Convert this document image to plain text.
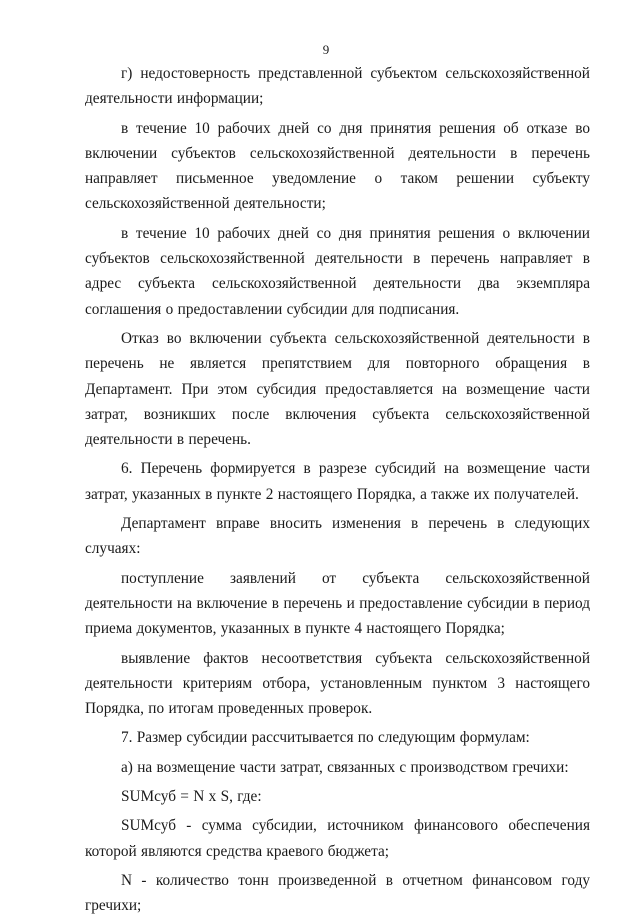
9

г) недостоверность представленной субъектом сельскохозяйственной деятельности информации;

в течение 10 рабочих дней со дня принятия решения об отказе во включении субъектов сельскохозяйственной деятельности в перечень направляет письменное уведомление о таком решении субъекту сельскохозяйственной деятельности;

в течение 10 рабочих дней со дня принятия решения о включении субъектов сельскохозяйственной деятельности в перечень направляет в адрес субъекта сельскохозяйственной деятельности два экземпляра соглашения о предоставлении субсидии для подписания.

Отказ во включении субъекта сельскохозяйственной деятельности в перечень не является препятствием для повторного обращения в Департамент. При этом субсидия предоставляется на возмещение части затрат, возникших после включения субъекта сельскохозяйственной деятельности в перечень.

6. Перечень формируется в разрезе субсидий на возмещение части затрат, указанных в пункте 2 настоящего Порядка, а также их получателей.

Департамент вправе вносить изменения в перечень в следующих случаях:

поступление заявлений от субъекта сельскохозяйственной деятельности на включение в перечень и предоставление субсидии в период приема документов, указанных в пункте 4 настоящего Порядка;

выявление фактов несоответствия субъекта сельскохозяйственной деятельности критериям отбора, установленным пунктом 3 настоящего Порядка, по итогам проведенных проверок.

7. Размер субсидии рассчитывается по следующим формулам:

а) на возмещение части затрат, связанных с производством гречихи:

SUMсуб = N x S, где:

SUMсуб - сумма субсидии, источником финансового обеспечения которой являются средства краевого бюджета;

N - количество тонн произведенной в отчетном финансовом году гречихи;
